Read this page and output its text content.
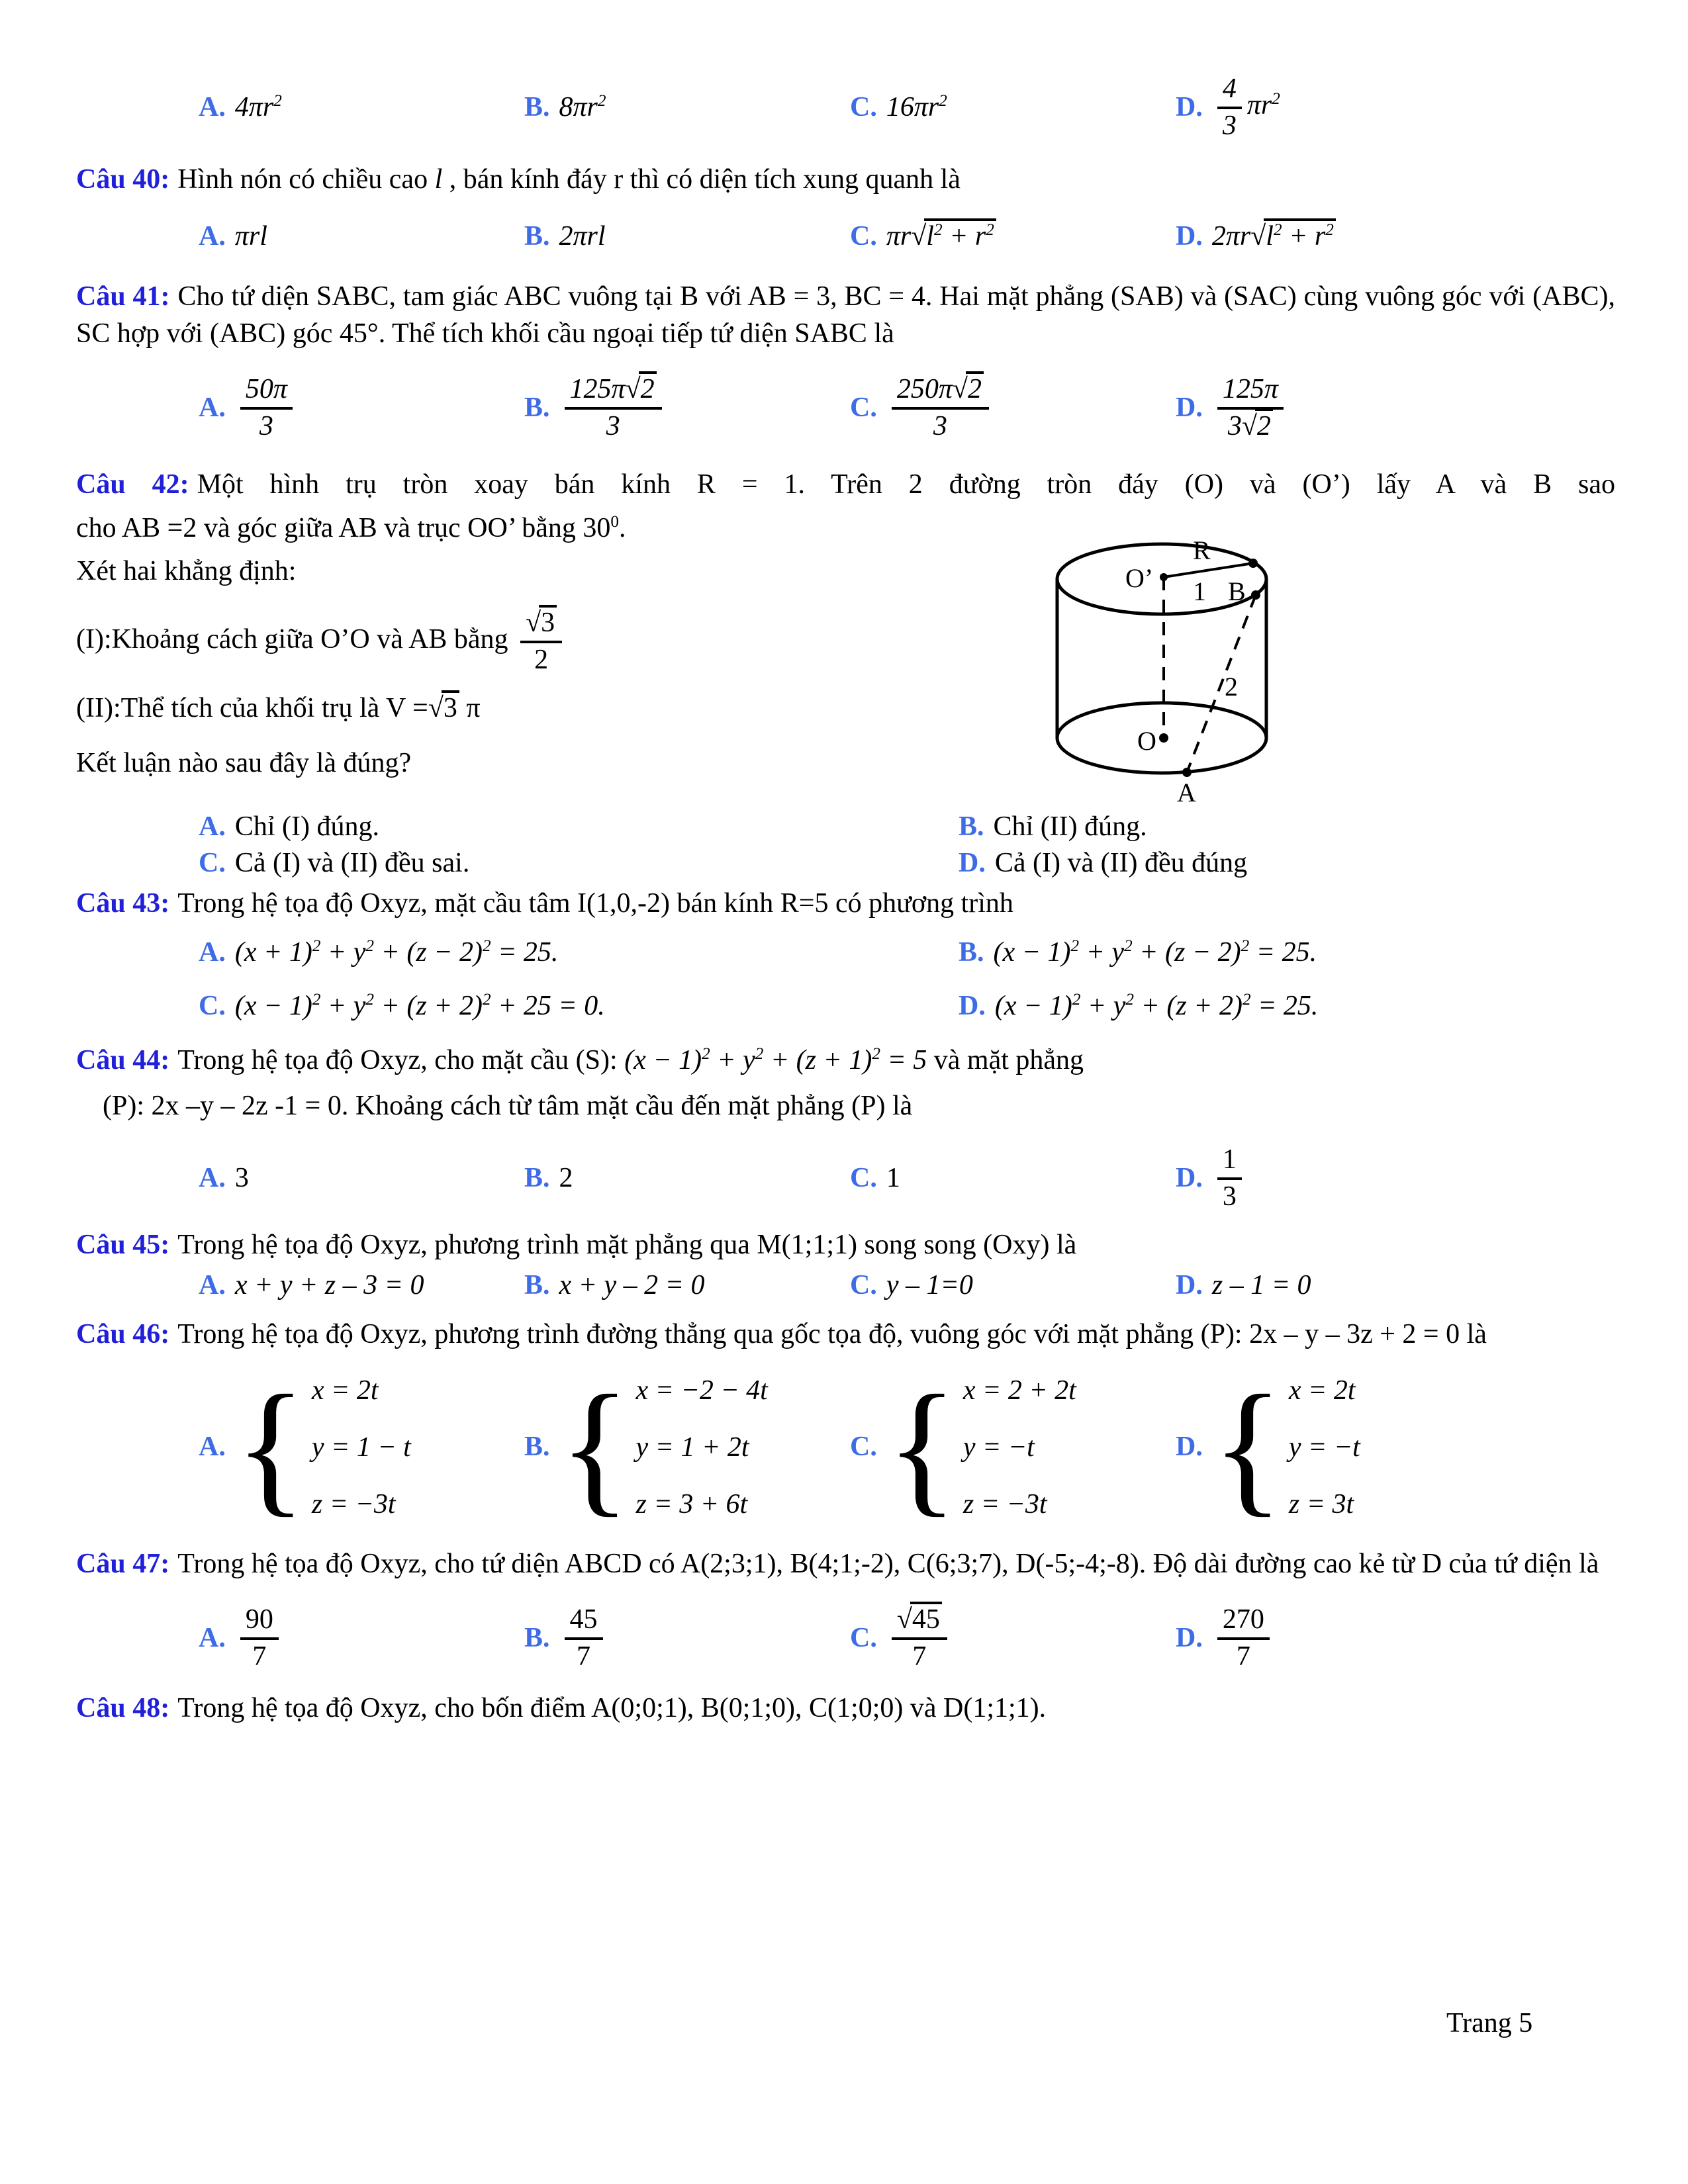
A. $4\pi r^2$	B. $8\pi r^2$	C. $16\pi r^2$	D. $\frac{4}{3} \pi r^2$

Câu 40: Hình nón có chiều cao l , bán kính đáy r thì có diện tích xung quanh là

A. πrl	B. 2πrl	C. $\pi r√l^2 + r^2$	D. $2\pi r√l^2 + r^2$

Câu 41: Cho tứ diện SABC, tam giác ABC vuông tại B với AB = 3, BC = 4. Hai mặt phẳng (SAB) và (SAC) cùng vuông góc với (ABC), SC hợp với (ABC) góc 45°. Thể tích khối cầu ngoại tiếp tứ diện SABC là

A. $\frac{50\pi}{3}$	B. $\frac{125\pi√2}{3}$	C. $\frac{250\pi√2}{3}$	D. $\frac{125\pi}{3√2}$

Câu 42: Một hình trụ tròn xoay bán kính R = 1. Trên 2 đường tròn đáy (O) và (O’) lấy A và B sao

cho AB =2 và góc giữa AB và trục OO’ bằng $30^0$.

Xét hai khẳng định:

(I):Khoảng cách giữa O’O và AB bằng $\frac{√3}{2}$

(II):Thể tích của khối trụ là V =√3 π

Kết luận nào sau đây là đúng?

R
1 B
O’
O
A
2
A. Chỉ (I) đúng.	B. Chỉ (II) đúng.
C. Cả (I) và (II) đều sai.	D. Cả (I) và (II) đều đúng

Câu 43: Trong hệ tọa độ Oxyz, mặt cầu tâm I(1,0,-2) bán kính R=5 có phương trình

A. $(x + 1)^2 + y^2 + (z - 2)^2 = 25$.	B. $(x - 1)^2 + y^2 + (z - 2)^2 = 25$.
C. $(x - 1)^2 + y^2 + (z + 2)^2 + 25 = 0$.	D. $(x - 1)^2 + y^2 + (z + 2)^2 = 25$.

Câu 44: Trong hệ tọa độ Oxyz, cho mặt cầu (S): $(x - 1)^2 + y^2 + (z + 1)^2 = 5$ và mặt phẳng

(P): 2x –y – 2z -1 = 0. Khoảng cách từ tâm mặt cầu đến mặt phẳng (P) là

A. 3	B. 2	C. 1	D. $\frac{1}{3}$

Câu 45: Trong hệ tọa độ Oxyz, phương trình mặt phẳng qua M(1;1;1) song song (Oxy) là

A. x + y + z – 3 = 0	B. x + y – 2 = 0	C. y – 1=0	D. z – 1 = 0

Câu 46: Trong hệ tọa độ Oxyz, phương trình đường thẳng qua gốc tọa độ, vuông góc với mặt phẳng (P): 2x – y – 3z + 2 = 0 là

A. { x = 2t
y = 1 − t
z = −3t
B. { x = −2 − 4t
y = 1 + 2t
z = 3 + 6t
C. { x = 2 + 2t
y = −t
z = −3t
D. { x = 2t
y = −t
z = 3t

Câu 47: Trong hệ tọa độ Oxyz, cho tứ diện ABCD có A(2;3;1), B(4;1;-2), C(6;3;7), D(-5;-4;-8). Độ dài đường cao kẻ từ D của tứ diện là

A. $\frac{90}{7}$	B. $\frac{45}{7}$	C. $\frac{√45}{7}$	D. $\frac{270}{7}$

Câu 48: Trong hệ tọa độ Oxyz, cho bốn điểm A(0;0;1), B(0;1;0), C(1;0;0) và D(1;1;1).

Trang 5
